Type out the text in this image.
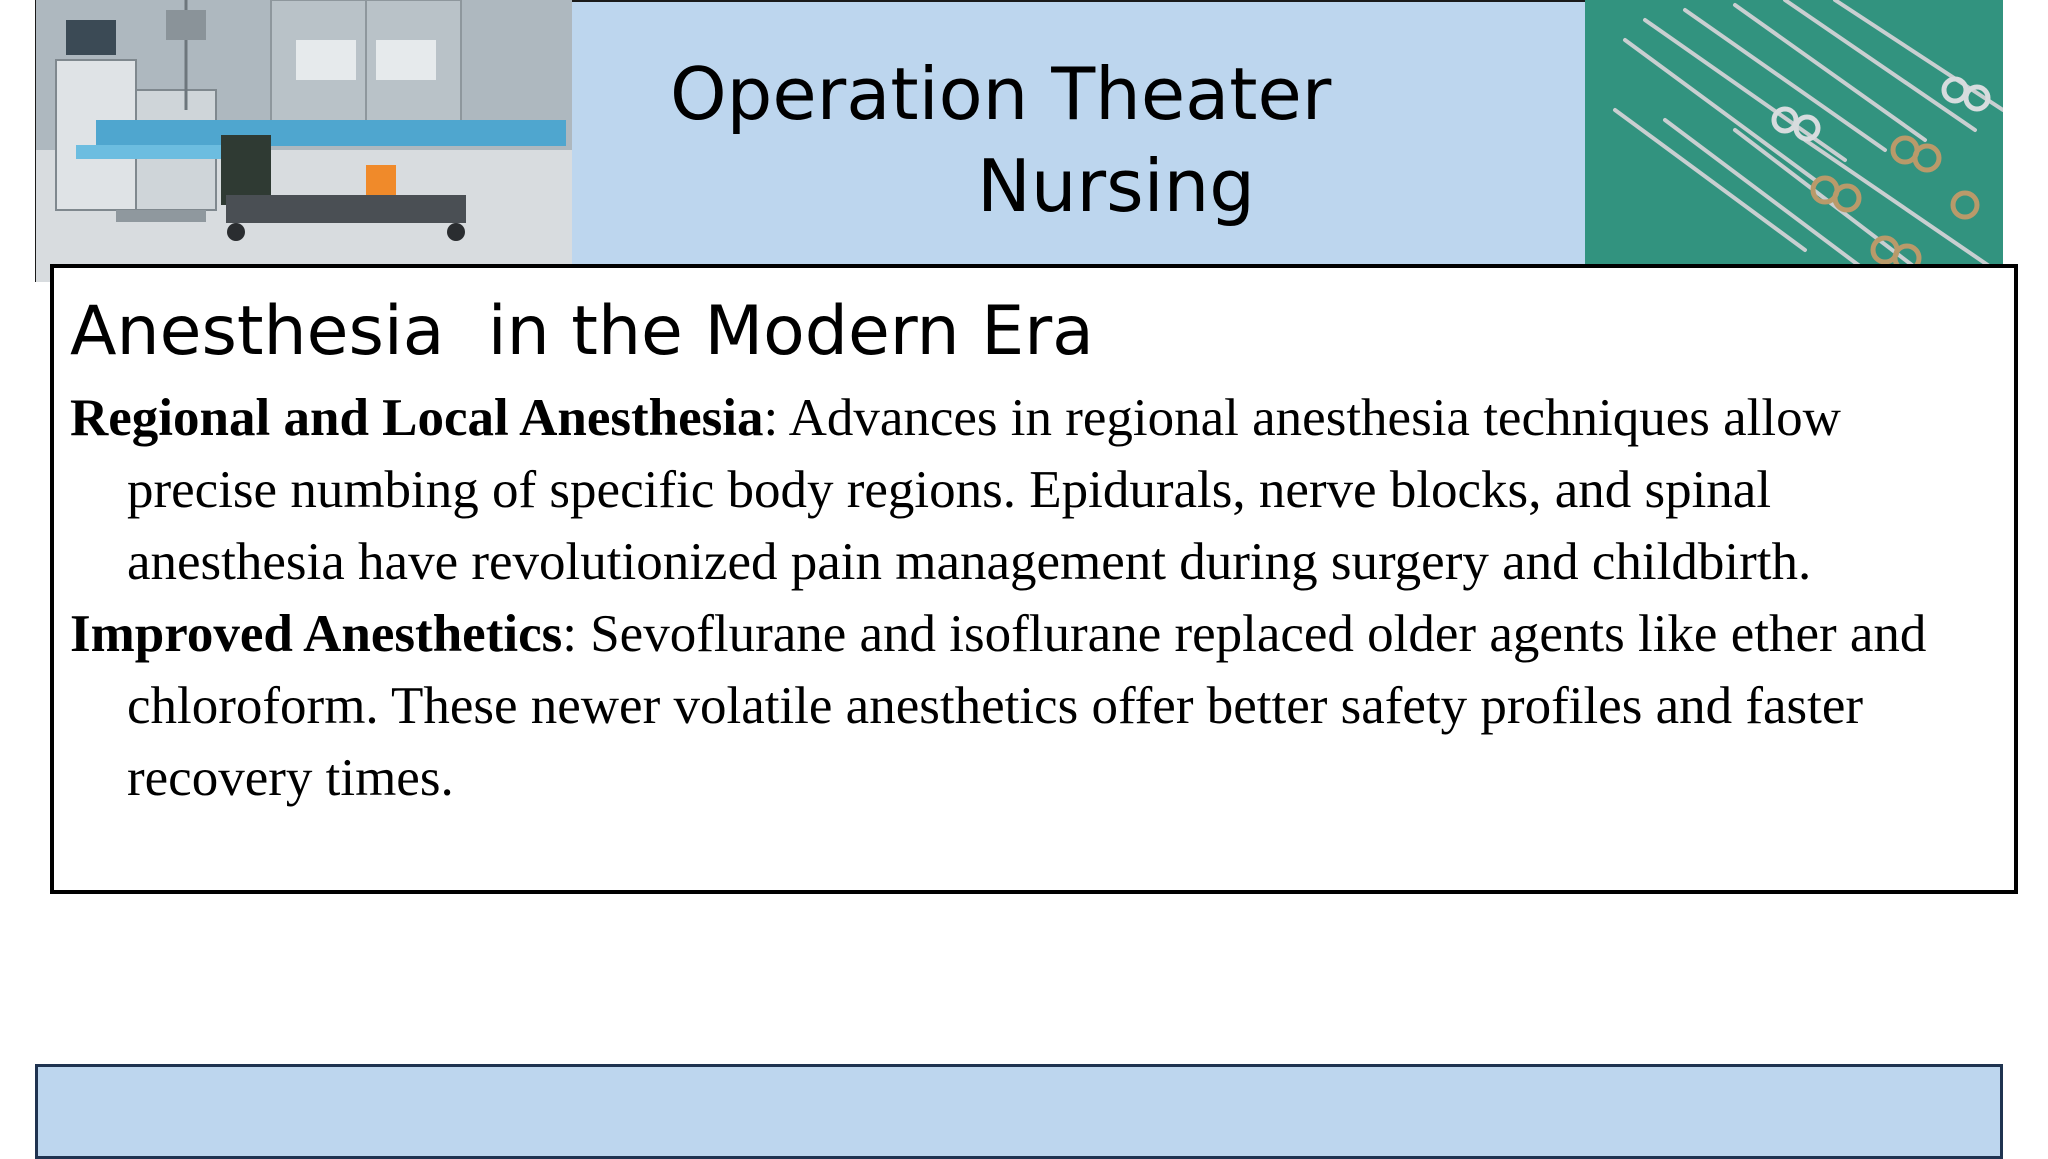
Operation Theater
Nursing
Anesthesia  in the Modern Era

Regional and Local Anesthesia: Advances in regional anesthesia techniques allow precise numbing of specific body regions. Epidurals, nerve blocks, and spinal anesthesia have revolutionized pain management during surgery and childbirth.

Improved Anesthetics: Sevoflurane and isoflurane replaced older agents like ether and chloroform. These newer volatile anesthetics offer better safety profiles and faster recovery times.
